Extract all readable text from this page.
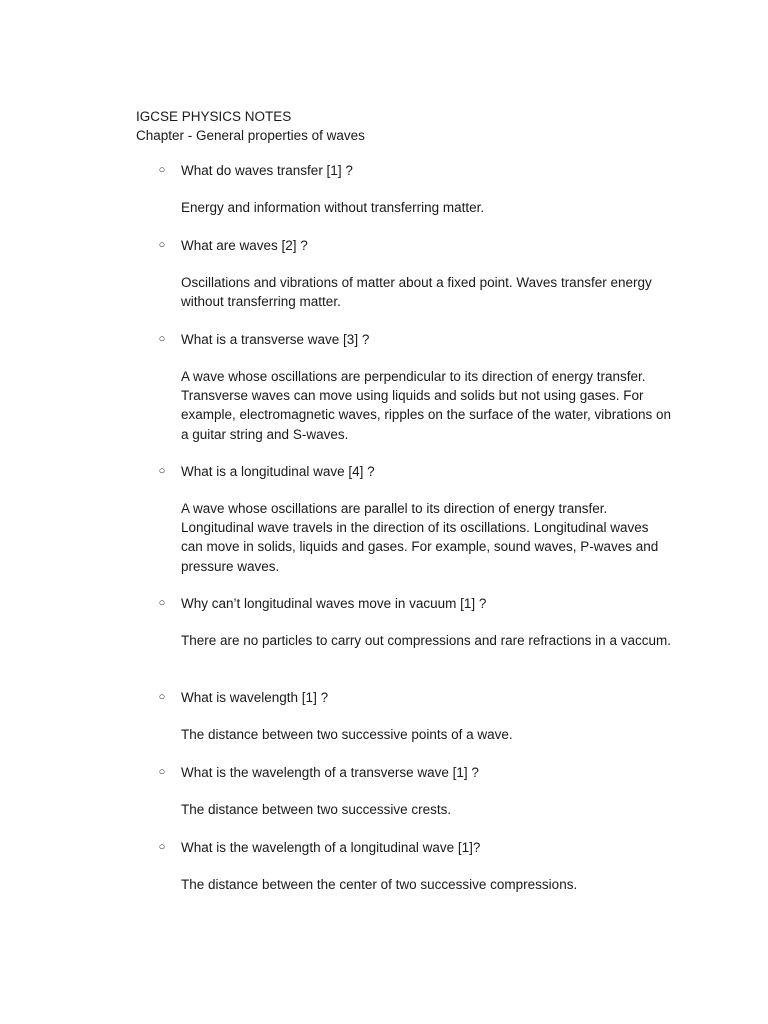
IGCSE PHYSICS NOTES
Chapter - General properties of waves
○ What do waves transfer [1] ?
Energy and information without transferring matter.
○ What are waves [2] ?
Oscillations and vibrations of matter about a fixed point. Waves transfer energy without transferring matter.
○ What is a transverse wave [3] ?
A wave whose oscillations are perpendicular to its direction of energy transfer. Transverse waves can move using liquids and solids but not using gases. For example, electromagnetic waves, ripples on the surface of the water, vibrations on a guitar string and S-waves.
○ What is a longitudinal wave [4] ?
A wave whose oscillations are parallel to its direction of energy transfer. Longitudinal wave travels in the direction of its oscillations. Longitudinal waves can move in solids, liquids and gases. For example, sound waves, P-waves and pressure waves.
○ Why can’t longitudinal waves move in vacuum [1] ?
There are no particles to carry out compressions and rare refractions in a vaccum.
○ What is wavelength [1] ?
The distance between two successive points of a wave.
○ What is the wavelength of a transverse wave [1] ?
The distance between two successive crests.
○ What is the wavelength of a longitudinal wave [1]?
The distance between the center of two successive compressions.
